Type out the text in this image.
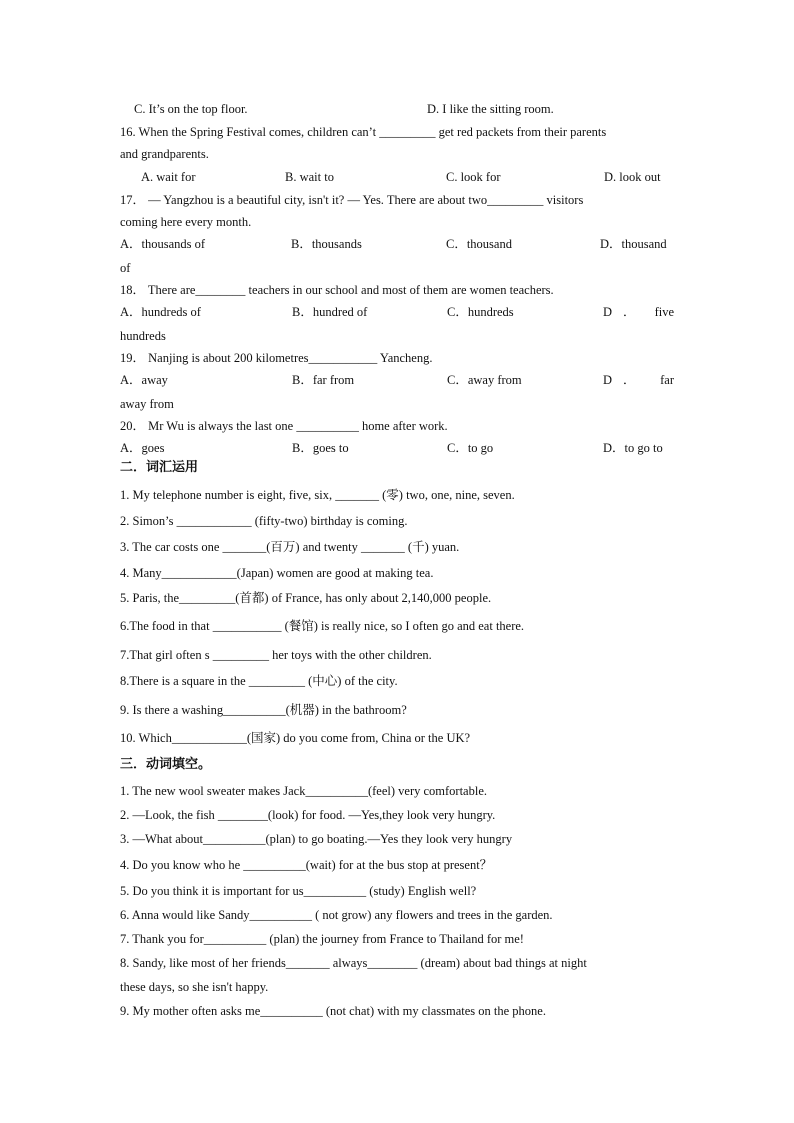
C. It’s on the top floor.	D. I like the sitting room.
16. When the Spring Festival comes, children can’t _________ get red packets from their parents
and grandparents.
A. wait for	B. wait to	C. look for	D. look out
17． — Yangzhou is a beautiful city, isn't it? — Yes. There are about two_________ visitors
coming here every month.
A．thousands of	B．thousands	C．thousand	D．thousand
of
18． There are________ teachers in our school and most of them are women teachers.
A．hundreds of	B．hundred of	C．hundreds	D ．	five
hundreds
19． Nanjing is about 200 kilometres___________ Yancheng.
A．away	B．far from	C．away from	D ．	far
away from
20． Mr Wu is always the last one __________ home after work.
A．goes	B．goes to	C．to go	D．to go to
二．词汇运用
1. My telephone number is eight, five, six, _______ (零) two, one, nine, seven.
2. Simon’s ____________ (fifty-two) birthday is coming.
3. The car costs one _______(百万) and twenty _______ (千) yuan.
4. Many____________(Japan) women are good at making tea.
5. Paris, the_________(首都) of France, has only about 2,140,000 people.
6.The food in that ___________ (餐馆) is really nice, so I often go and eat there.
7.That girl often s _________ her toys with the other children.
8.There is a square in the _________ (中心) of the city.
9. Is there a washing__________(机器) in the bathroom?
10. Which____________(国家) do you come from, China or the UK?
三．动词填空。
1. The new wool sweater makes Jack__________(feel) very comfortable.
2. —Look, the fish ________(look) for food. —Yes,they look very hungry.
3. —What about__________(plan) to go boating.—Yes they look very hungry
4. Do you know who he __________(wait) for at the bus stop at present？
5. Do you think it is important for us__________ (study) English well?
6. Anna would like Sandy__________ ( not grow) any flowers and trees in the garden.
7. Thank you for__________ (plan) the journey from France to Thailand for me!
8. Sandy, like most of her friends_______ always________ (dream) about bad things at night
these days, so she isn't happy.
9. My mother often asks me__________ (not chat) with my classmates on the phone.
